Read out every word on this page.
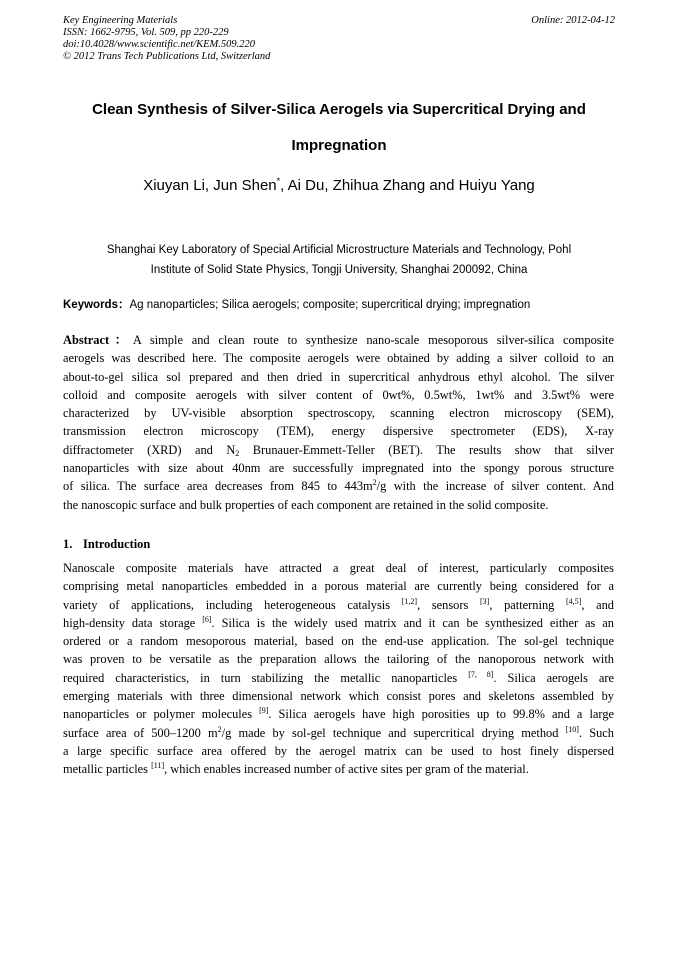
Key Engineering Materials
ISSN: 1662-9795, Vol. 509, pp 220-229
doi:10.4028/www.scientific.net/KEM.509.220
© 2012 Trans Tech Publications Ltd, Switzerland
Online: 2012-04-12
Clean Synthesis of Silver-Silica Aerogels via Supercritical Drying and
Impregnation
Xiuyan Li, Jun Shen*, Ai Du, Zhihua Zhang and Huiyu Yang
Shanghai Key Laboratory of Special Artificial Microstructure Materials and Technology, Pohl
Institute of Solid State Physics, Tongji University, Shanghai 200092, China
Keywords：Ag nanoparticles; Silica aerogels; composite; supercritical drying; impregnation
Abstract：A simple and clean route to synthesize nano-scale mesoporous silver-silica composite
aerogels was described here. The composite aerogels were obtained by adding a silver colloid to an
about-to-gel silica sol prepared and then dried in supercritical anhydrous ethyl alcohol. The silver
colloid and composite aerogels with silver content of 0wt%, 0.5wt%, 1wt% and 3.5wt% were
characterized by UV-visible absorption spectroscopy, scanning electron microscopy (SEM),
transmission electron microscopy (TEM), energy dispersive spectrometer (EDS), X-ray
diffractometer (XRD) and $N_2$ Brunauer-Emmett-Teller (BET). The results show that silver
nanoparticles with size about 40nm are successfully impregnated into the spongy porous structure
of silica. The surface area decreases from 845 to $443m^2/g$ with the increase of silver content. And
the nanoscopic surface and bulk properties of each component are retained in the solid composite.
1. Introduction
Nanoscale composite materials have attracted a great deal of interest, particularly composites
comprising metal nanoparticles embedded in a porous material are currently being considered for a
variety of applications, including heterogeneous catalysis [1,2], sensors [3], patterning [4,5], and
high-density data storage [6]. Silica is the widely used matrix and it can be synthesized either as an
ordered or a random mesoporous material, based on the end-use application. The sol-gel technique
was proven to be versatile as the preparation allows the tailoring of the nanoporous network with
required characteristics, in turn stabilizing the metallic nanoparticles [7, 8]. Silica aerogels are
emerging materials with three dimensional network which consist pores and skeletons assembled by
nanoparticles or polymer molecules [9]. Silica aerogels have high porosities up to 99.8% and a large
surface area of 500–1200 $m^2/g$ made by sol-gel technique and supercritical drying method [10]. Such
a large specific surface area offered by the aerogel matrix can be used to host finely dispersed
metallic particles [11], which enables increased number of active sites per gram of the material.
